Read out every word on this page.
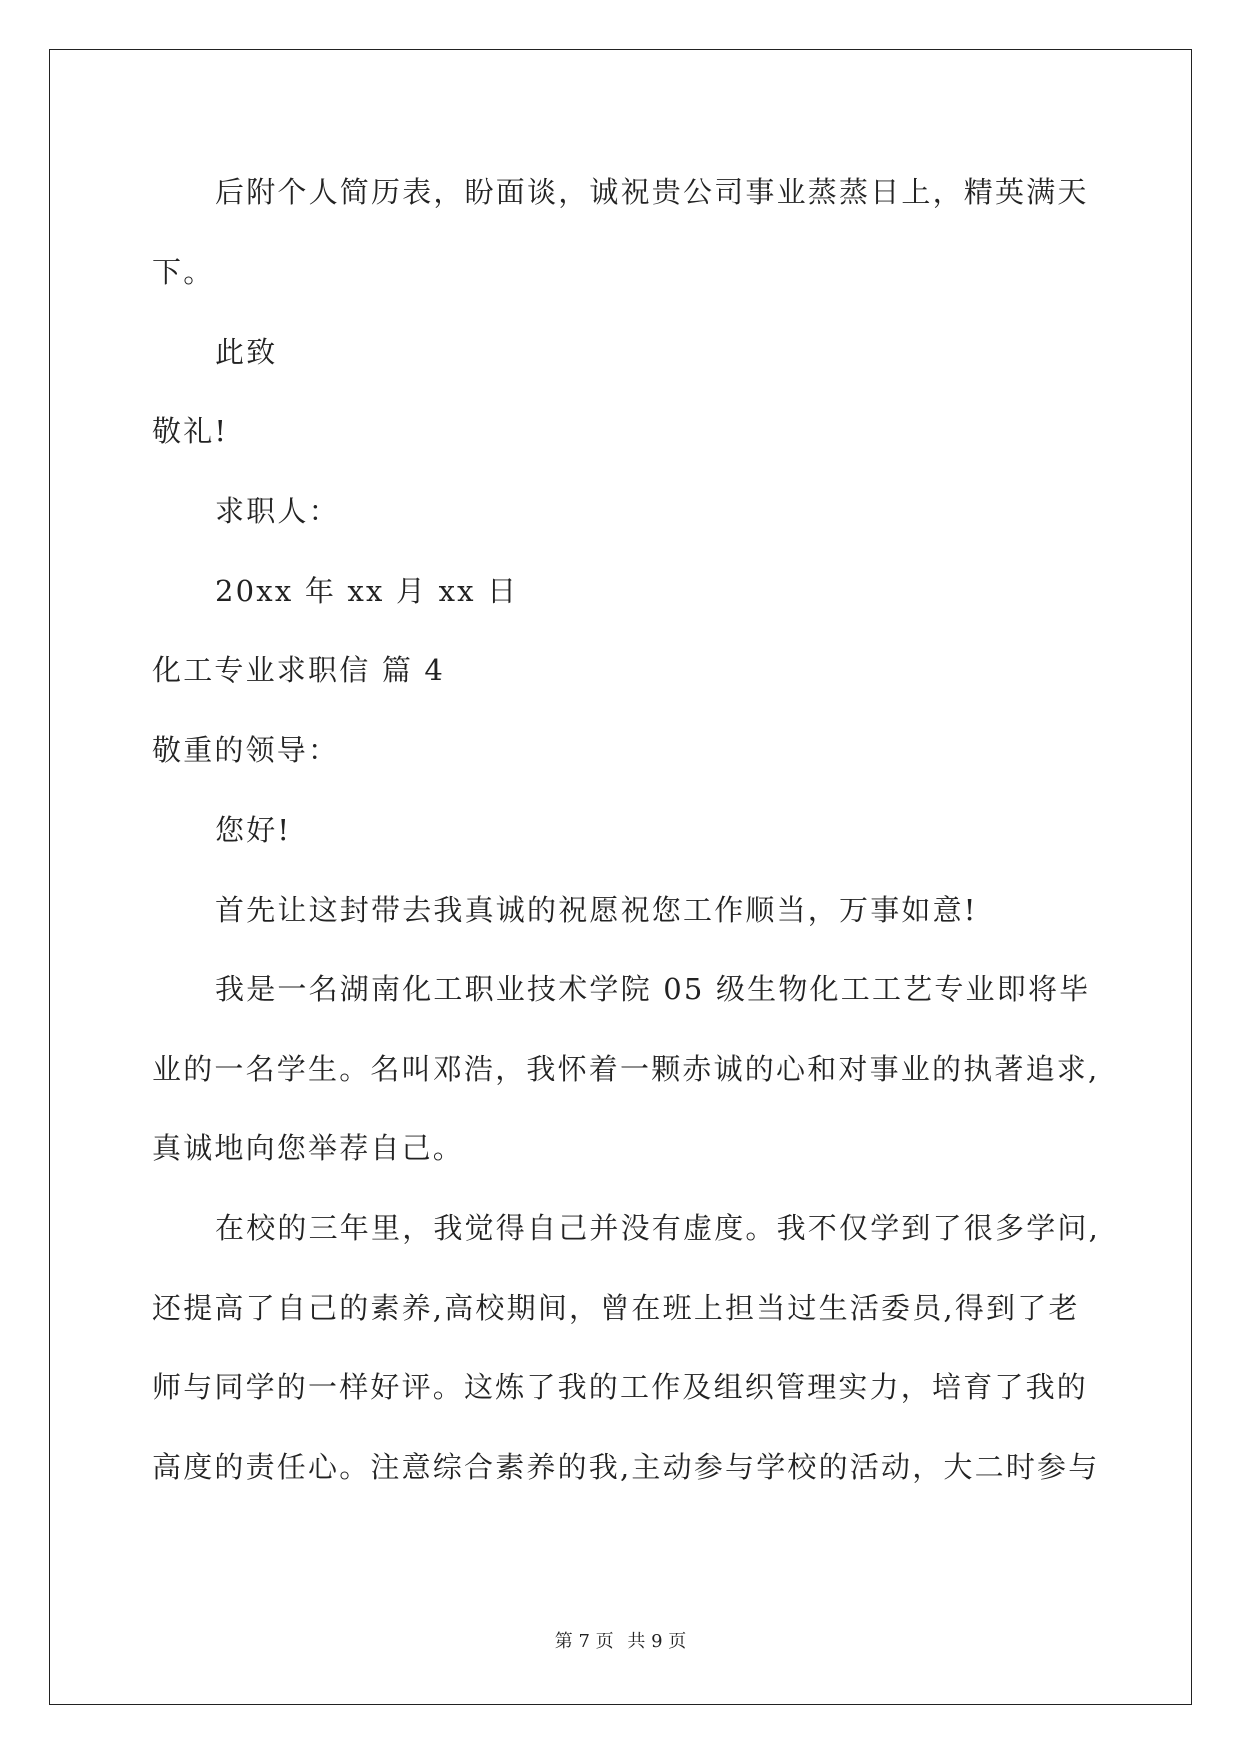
后附个人简历表，盼面谈，诚祝贵公司事业蒸蒸日上，精英满天

下。

此致

敬礼!

求职人：

20xx 年 xx 月 xx 日

化工专业求职信 篇 4

敬重的领导：

您好!

首先让这封带去我真诚的祝愿祝您工作顺当，万事如意!

我是一名湖南化工职业技术学院 05 级生物化工工艺专业即将毕

业的一名学生。名叫邓浩，我怀着一颗赤诚的心和对事业的执著追求,

真诚地向您举荐自己。

在校的三年里，我觉得自己并没有虚度。我不仅学到了很多学问,

还提高了自己的素养,高校期间，曾在班上担当过生活委员,得到了老

师与同学的一样好评。这炼了我的工作及组织管理实力，培育了我的

高度的责任心。注意综合素养的我,主动参与学校的活动，大二时参与

第 7 页 共 9 页
